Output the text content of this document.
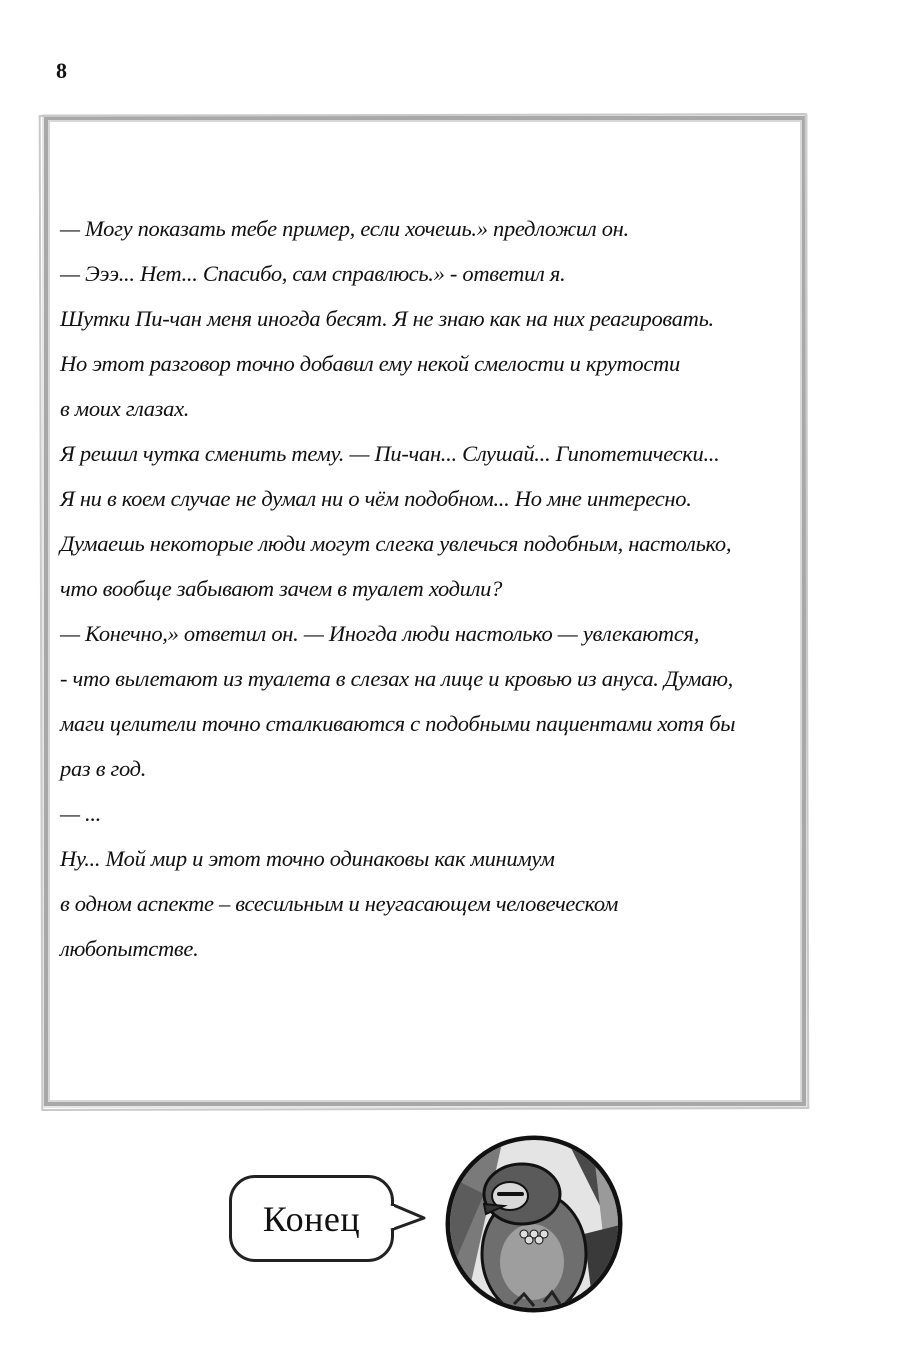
8
— Могу показать тебе пример, если хочешь.» предложил он.
— Эээ... Нет... Спасибо, сам справлюсь.» - ответил я.
Шутки Пи-чан меня иногда бесят. Я не знаю как на них реагировать.
Но этот разговор точно добавил ему некой смелости и крутости
в моих глазах.
Я решил чутка сменить тему. — Пи-чан... Слушай... Гипотетически...
Я ни в коем случае не думал ни о чём подобном... Но мне интересно.
Думаешь некоторые люди могут слегка увлечься подобным, настолько,
что вообще забывают зачем в туалет ходили?
— Конечно,» ответил он. — Иногда люди настолько — увлекаются,
- что вылетают из туалета в слезах на лице и кровью из ануса. Думаю,
маги целители точно сталкиваются с подобными пациентами хотя бы
раз в год.
— ...
Ну... Мой мир и этот точно одинаковы как минимум
в одном аспекте – всесильным и неугасающем человеческом
любопытстве.
Конец
